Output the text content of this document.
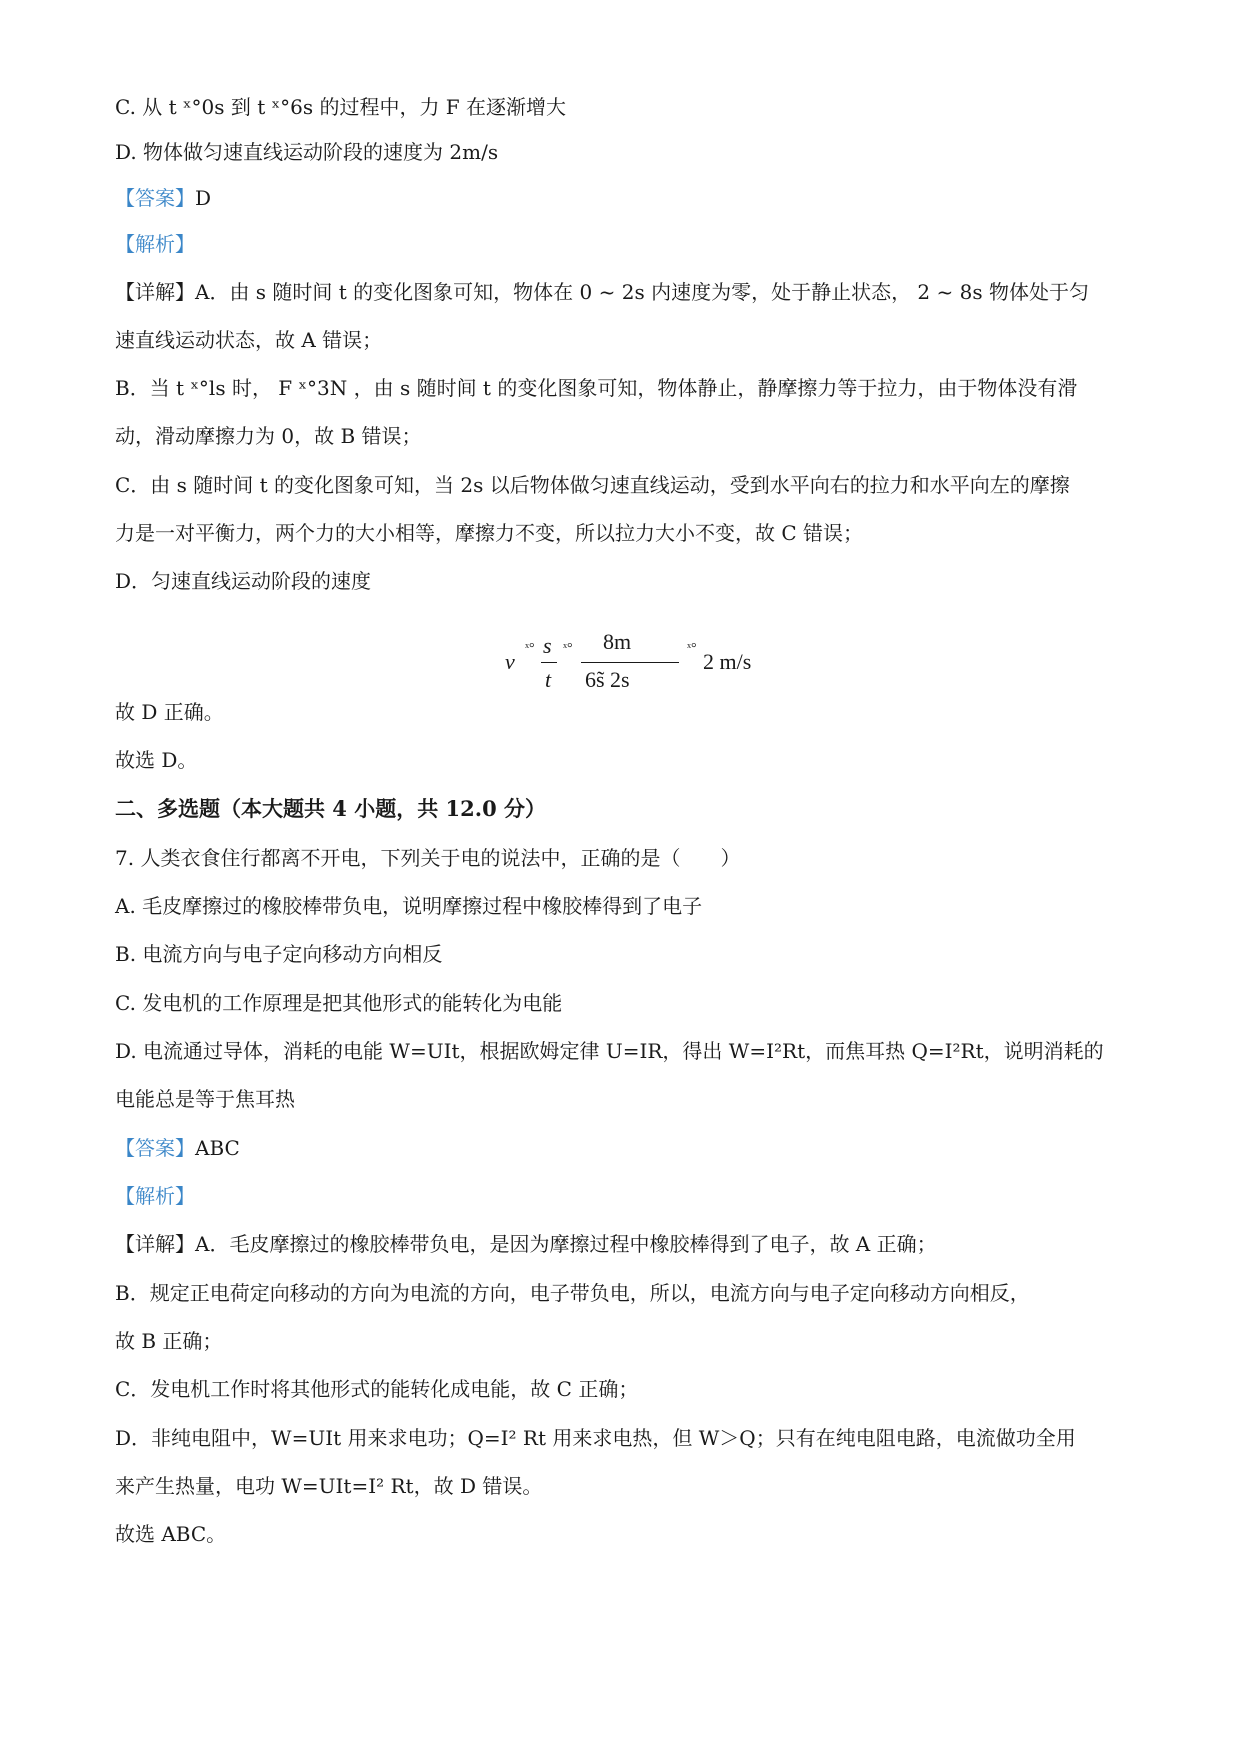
C. 从 t ˣ°0s 到 t ˣ°6s 的过程中，力 F 在逐渐增大
D. 物体做匀速直线运动阶段的速度为 2m/s
【答案】D
【解析】
【详解】A．由 s 随时间 t 的变化图象可知，物体在 0 ~ 2s 内速度为零，处于静止状态， 2 ~ 8s 物体处于匀
速直线运动状态，故 A 错误；
B．当 t ˣ°ls 时， F ˣ°3N ，由 s 随时间 t 的变化图象可知，物体静止，静摩擦力等于拉力，由于物体没有滑
动，滑动摩擦力为 0，故 B 错误；
C．由 s 随时间 t 的变化图象可知，当 2s 以后物体做匀速直线运动，受到水平向右的拉力和水平向左的摩擦
力是一对平衡力，两个力的大小相等，摩擦力不变，所以拉力大小不变，故 C 错误；
D．匀速直线运动阶段的速度
v
ˣ° s
t
ˣ° 8m
6s̃ 2s
ˣ°
2 m/s
故 D 正确。
故选 D。
二、多选题（本大题共 4 小题，共 12.0 分）
7. 人类衣食住行都离不开电，下列关于电的说法中，正确的是（　　）
A. 毛皮摩擦过的橡胶棒带负电，说明摩擦过程中橡胶棒得到了电子
B. 电流方向与电子定向移动方向相反
C. 发电机的工作原理是把其他形式的能转化为电能
D. 电流通过导体，消耗的电能 W=UIt，根据欧姆定律 U=IR，得出 W=I²Rt，而焦耳热 Q=I²Rt，说明消耗的
电能总是等于焦耳热
【答案】ABC
【解析】
【详解】A．毛皮摩擦过的橡胶棒带负电，是因为摩擦过程中橡胶棒得到了电子，故 A 正确；
B．规定正电荷定向移动的方向为电流的方向，电子带负电，所以，电流方向与电子定向移动方向相反，
故 B 正确；
C．发电机工作时将其他形式的能转化成电能，故 C 正确；
D．非纯电阻中，W=UIt 用来求电功；Q=I² Rt 用来求电热，但 W＞Q；只有在纯电阻电路，电流做功全用
来产生热量，电功 W=UIt=I² Rt，故 D 错误。
故选 ABC。
